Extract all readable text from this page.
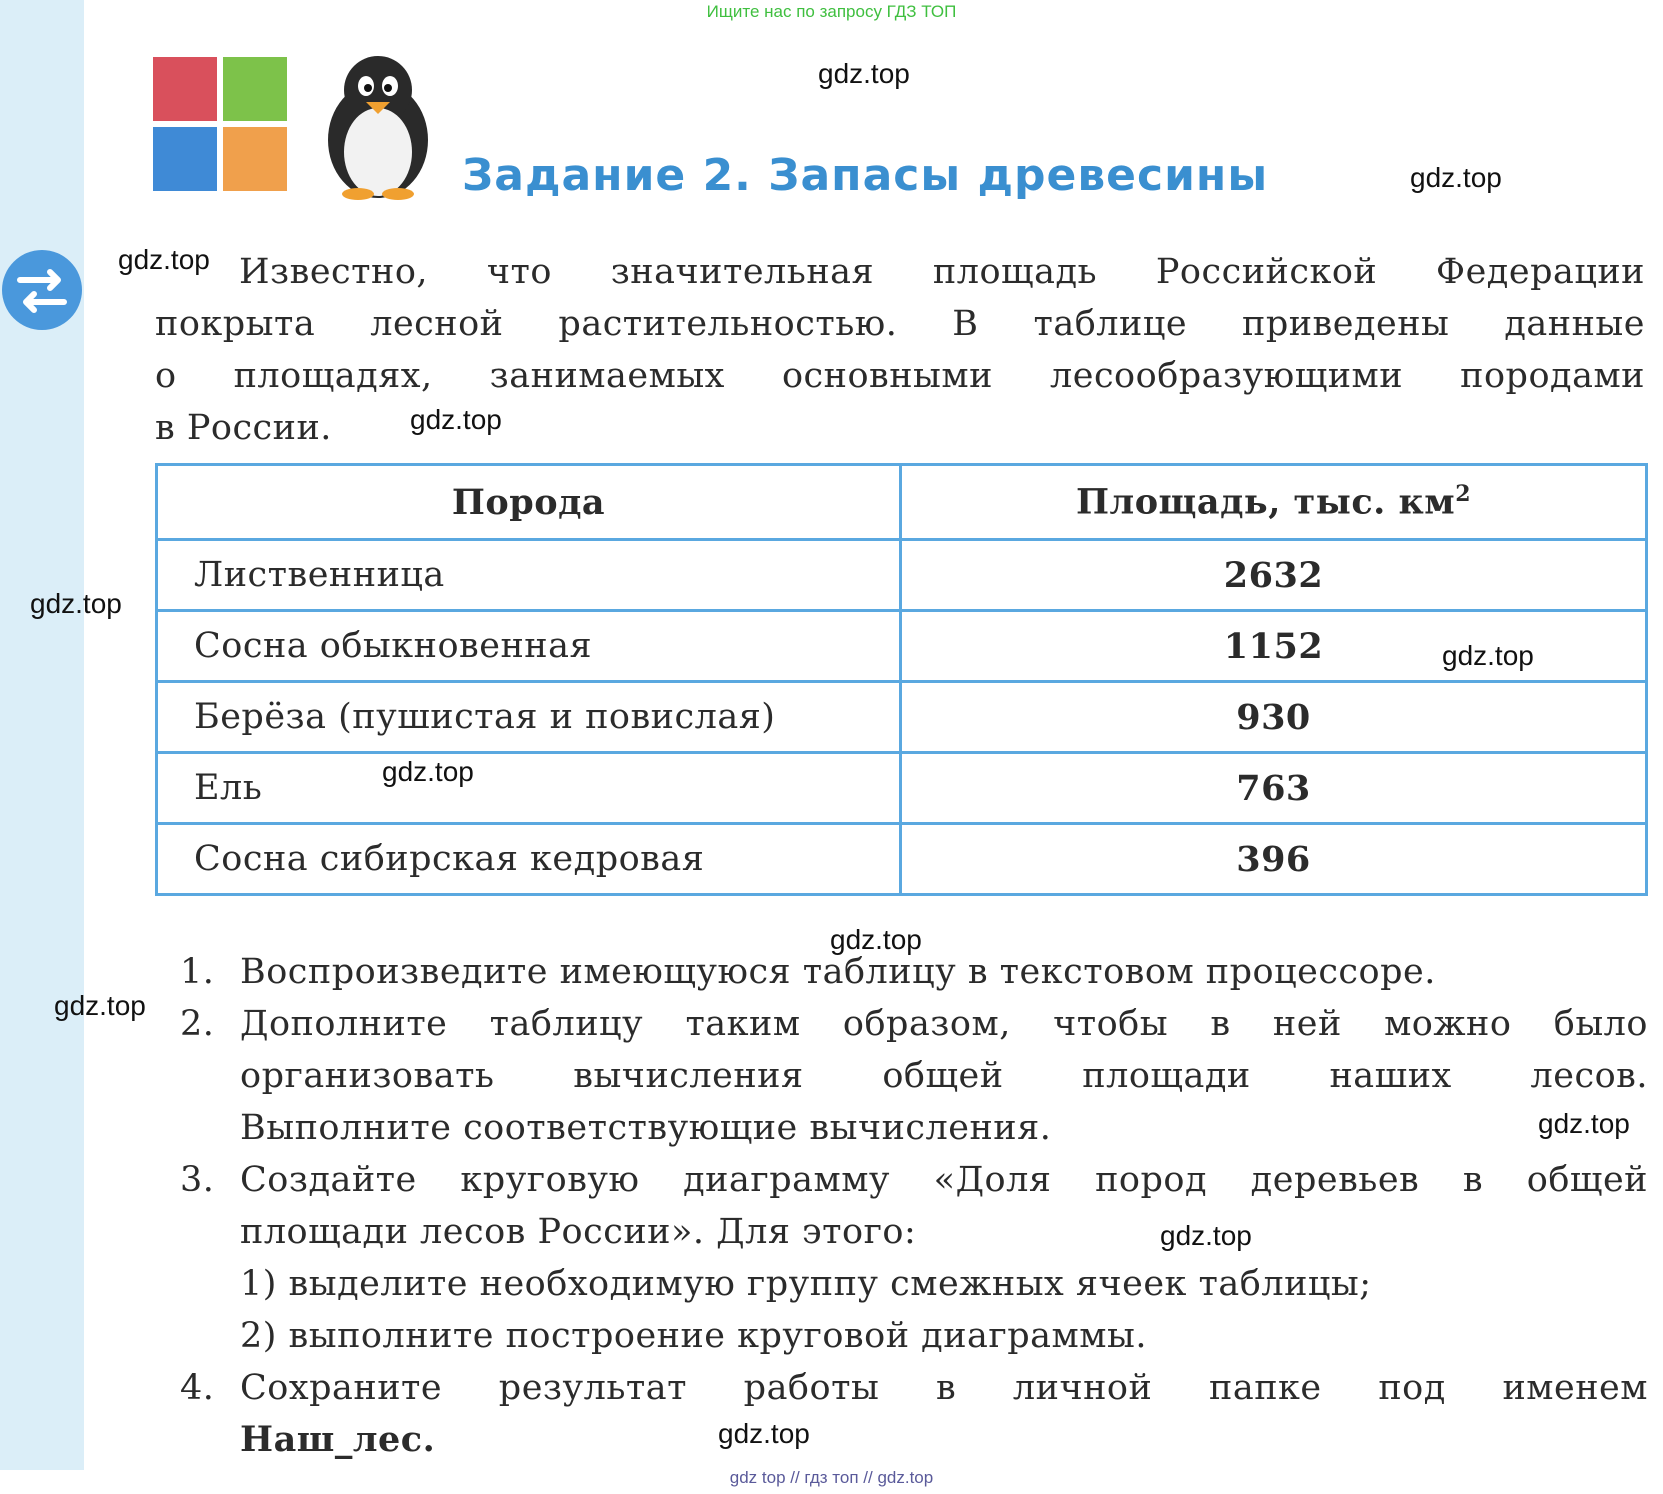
Ищите нас по запросу ГДЗ ТОП
Задание 2. Запасы древесины
Известно, что значительная площадь Российской Федерации
покрыта лесной растительностью. В таблице приведены данные
о площадях, занимаемых основными лесообразующими породами
в России.
Порода	Площадь, тыс. $км^2$
Лиственница	2632
Сосна обыкновенная	1152
Берёза (пушистая и повислая)	930
Ель	763
Сосна сибирская кедровая	396
1. Воспроизведите имеющуюся таблицу в текстовом процессоре.
2. Дополните таблицу таким образом, чтобы в ней можно было
организовать вычисления общей площади наших лесов.
Выполните соответствующие вычисления.
3. Создайте круговую диаграмму «Доля пород деревьев в общей
площади лесов России». Для этого:
1) выделите необходимую группу смежных ячеек таблицы;
2) выполните построение круговой диаграммы.
4. Сохраните результат работы в личной папке под именем
Наш_лес.
gdz.top
gdz.top
gdz.top
gdz.top
gdz.top
gdz.top
gdz.top
gdz.top
gdz.top
gdz.top
gdz.top
gdz.top
gdz top // гдз топ // gdz.top
